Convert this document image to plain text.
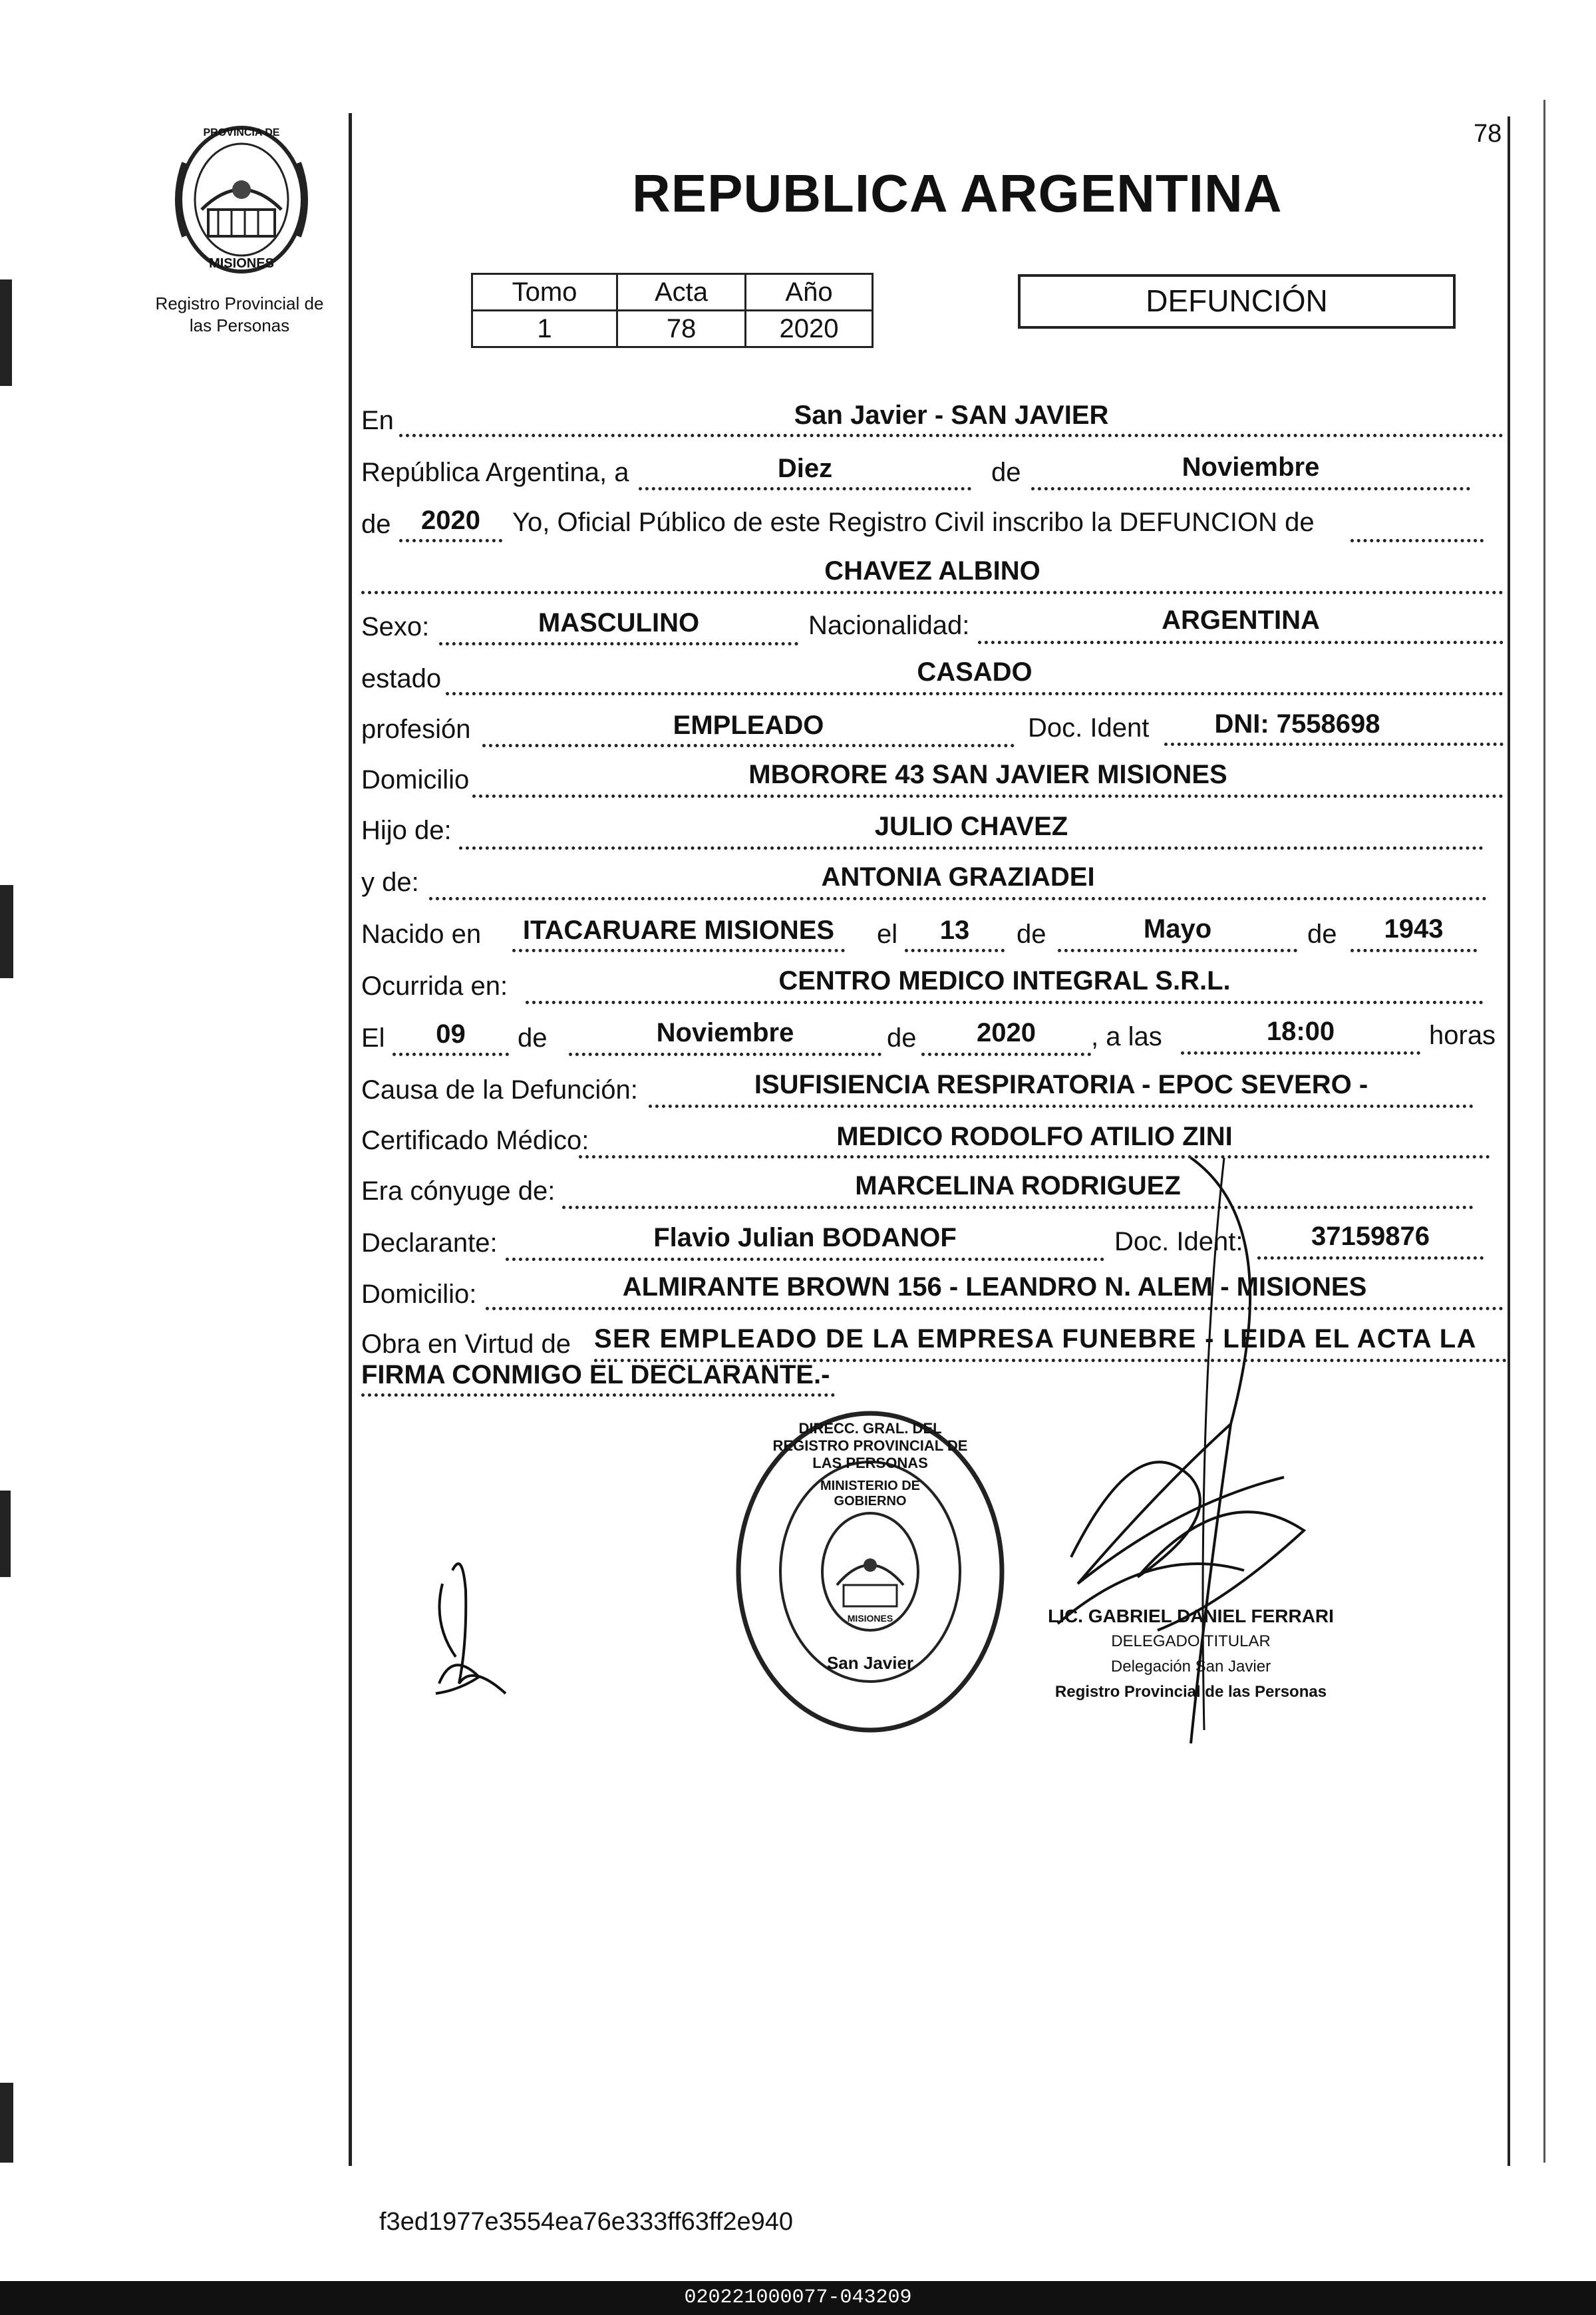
PROVINCIA DE
MISIONES
Registro Provincial de las Personas
78
REPUBLICA ARGENTINA
Tomo	Acta	Año
1	78	2020
DEFUNCIÓN
En	San Javier - SAN JAVIER
República Argentina, a	Diez	de	Noviembre
de	2020	Yo, Oficial Público de este Registro Civil inscribo la DEFUNCION de
CHAVEZ ALBINO
Sexo:	MASCULINO	Nacionalidad:	ARGENTINA
estado	CASADO
profesión	EMPLEADO	Doc. Ident	DNI: 7558698
Domicilio	MBORORE 43 SAN JAVIER MISIONES
Hijo de:	JULIO CHAVEZ
y de:	ANTONIA GRAZIADEI
Nacido en	ITACARUARE MISIONES	el	13	de	Mayo	de	1943
Ocurrida en:	CENTRO MEDICO INTEGRAL S.R.L.
El	09	de	Noviembre	de	2020	, a las	18:00	horas
Causa de la Defunción:	ISUFISIENCIA RESPIRATORIA - EPOC SEVERO -
Certificado Médico:	MEDICO RODOLFO ATILIO ZINI
Era cónyuge de:	MARCELINA RODRIGUEZ
Declarante:	Flavio Julian BODANOF	Doc. Ident:	37159876
Domicilio:	ALMIRANTE BROWN 156 - LEANDRO N. ALEM - MISIONES
Obra en Virtud de SER EMPLEADO DE LA EMPRESA FUNEBRE - LEIDA EL ACTA LA
FIRMA CONMIGO EL DECLARANTE.-
DIRECC. GRAL. DEL REGISTRO PROVINCIAL DE LAS PERSONAS
MINISTERIO DE GOBIERNO
MISIONES
San Javier
LIC. GABRIEL DANIEL FERRARI
DELEGADO TITULAR
Delegación San Javier
Registro Provincial de las Personas
f3ed1977e3554ea76e333ff63ff2e940
020221000077-043209
